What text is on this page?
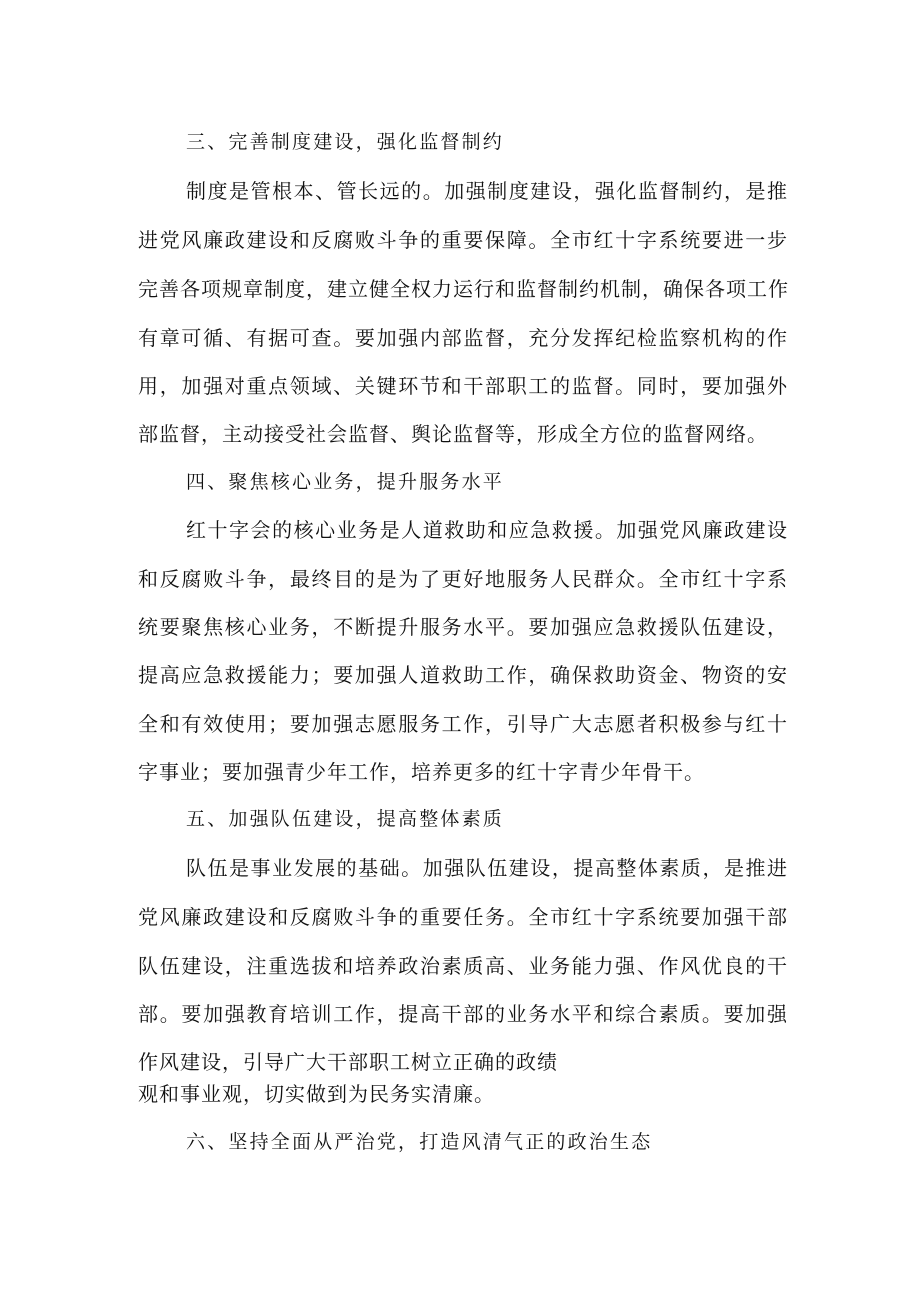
三、完善制度建设，强化监督制约
制度是管根本、管长远的。加强制度建设，强化监督制约，是推
进党风廉政建设和反腐败斗争的重要保障。全市红十字系统要进一步
完善各项规章制度，建立健全权力运行和监督制约机制，确保各项工作
有章可循、有据可查。要加强内部监督，充分发挥纪检监察机构的作
用，加强对重点领域、关键环节和干部职工的监督。同时，要加强外
部监督，主动接受社会监督、舆论监督等，形成全方位的监督网络。
四、聚焦核心业务，提升服务水平
红十字会的核心业务是人道救助和应急救援。加强党风廉政建设
和反腐败斗争，最终目的是为了更好地服务人民群众。全市红十字系
统要聚焦核心业务，不断提升服务水平。要加强应急救援队伍建设，
提高应急救援能力；要加强人道救助工作，确保救助资金、物资的安
全和有效使用；要加强志愿服务工作，引导广大志愿者积极参与红十
字事业；要加强青少年工作，培养更多的红十字青少年骨干。
五、加强队伍建设，提高整体素质
队伍是事业发展的基础。加强队伍建设，提高整体素质，是推进
党风廉政建设和反腐败斗争的重要任务。全市红十字系统要加强干部
队伍建设，注重选拔和培养政治素质高、业务能力强、作风优良的干
部。要加强教育培训工作，提高干部的业务水平和综合素质。要加强
作风建设，引导广大干部职工树立正确的政绩
观和事业观，切实做到为民务实清廉。
六、坚持全面从严治党，打造风清气正的政治生态
